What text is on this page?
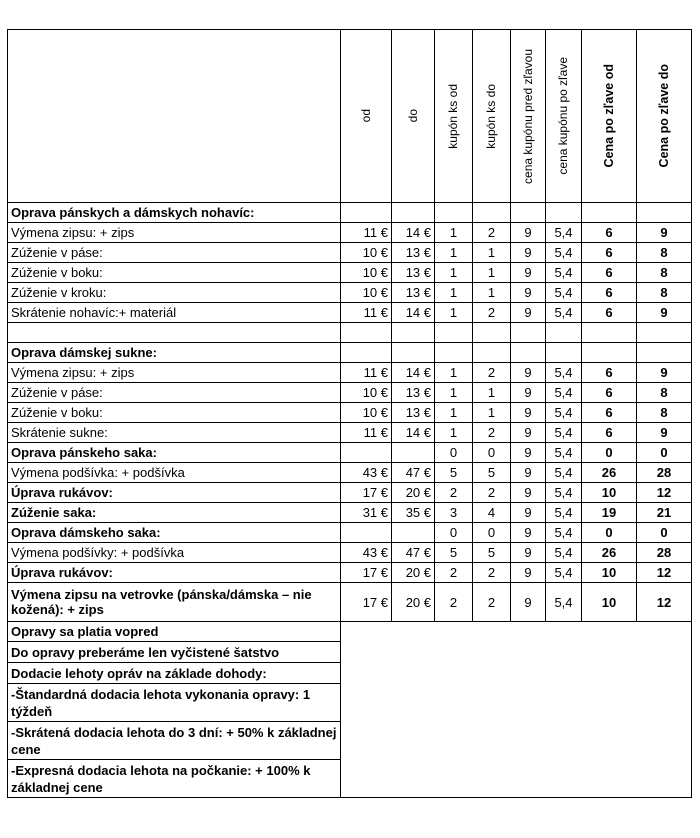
	od	do	kupón ks od	kupón ks do	cena kupónu pred zľavou	cena kupónu po zľave	Cena po zľave od	Cena po zľave do

Oprava pánskych a dámskych nohavíc:								
Výmena zipsu: + zips	11 €	14 €	1	2	9	5,4	6	9
Zúženie v páse:	10 €	13 €	1	1	9	5,4	6	8
Zúženie v boku:	10 €	13 €	1	1	9	5,4	6	8
Zúženie v kroku:	10 €	13 €	1	1	9	5,4	6	8
Skrátenie nohavíc:+ materiál	11 €	14 €	1	2	9	5,4	6	9

Oprava dámskej sukne:								
Výmena zipsu: + zips	11 €	14 €	1	2	9	5,4	6	9
Zúženie v páse:	10 €	13 €	1	1	9	5,4	6	8
Zúženie v boku:	10 €	13 €	1	1	9	5,4	6	8
Skrátenie sukne:	11 €	14 €	1	2	9	5,4	6	9
Oprava pánskeho saka:			0	0	9	5,4	0	0
Výmena podšívka: + podšívka	43 €	47 €	5	5	9	5,4	26	28
Úprava rukávov:	17 €	20 €	2	2	9	5,4	10	12
Zúženie saka:	31 €	35 €	3	4	9	5,4	19	21
Oprava dámskeho saka:			0	0	9	5,4	0	0
Výmena podšívky: + podšívka	43 €	47 €	5	5	9	5,4	26	28
Úprava rukávov:	17 €	20 €	2	2	9	5,4	10	12
Výmena zipsu na vetrovke (pánska/dámska – nie kožená): + zips	17 €	20 €	2	2	9	5,4	10	12
Opravy sa platia vopred								
Do opravy preberáme len vyčistené šatstvo								
Dodacie lehoty opráv na základe dohody:								
-Štandardná dodacia lehota vykonania opravy: 1 týždeň								
-Skrátená dodacia lehota do 3 dní: + 50% k základnej cene								
-Expresná dodacia lehota na počkanie: + 100% k základnej cene								
